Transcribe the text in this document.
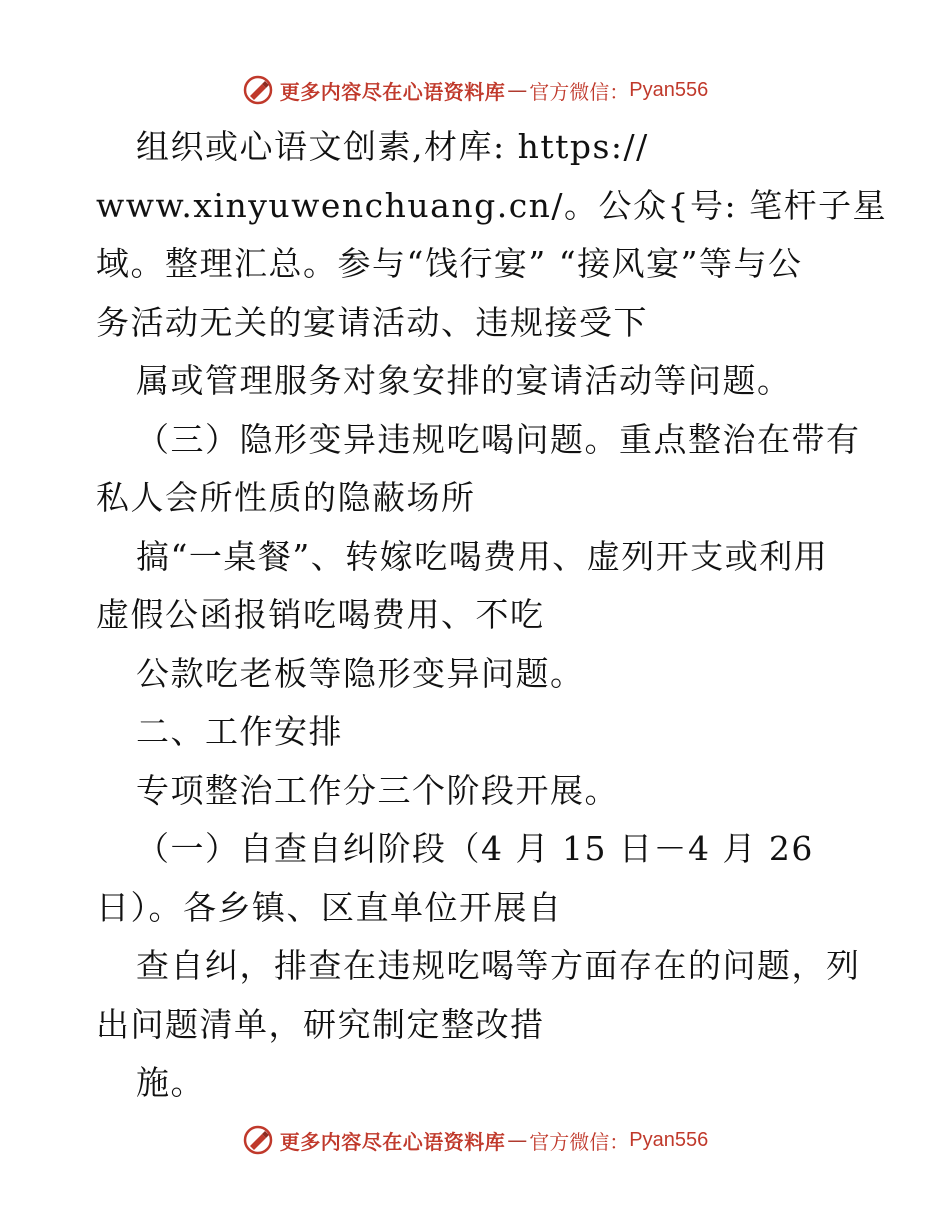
更多内容尽在心语资料库 — 官方微信： Pyan556
组织或心语文创素,材库: https://
www.xinyuwenchuang.cn/。公众{号: 笔杆子星
域。整理汇总。参与“饯行宴” “接风宴”等与公
务活动无关的宴请活动、违规接受下
属或管理服务对象安排的宴请活动等问题。
（三）隐形变异违规吃喝问题。重点整治在带有
私人会所性质的隐蔽场所
搞“一桌餐”、转嫁吃喝费用、虚列开支或利用
虚假公函报销吃喝费用、不吃
公款吃老板等隐形变异问题。
二、工作安排
专项整治工作分三个阶段开展。
（一）自查自纠阶段（4 月 15 日－4 月 26
日）。各乡镇、区直单位开展自
查自纠，排查在违规吃喝等方面存在的问题，列
出问题清单，研究制定整改措
施。
更多内容尽在心语资料库 — 官方微信： Pyan556
